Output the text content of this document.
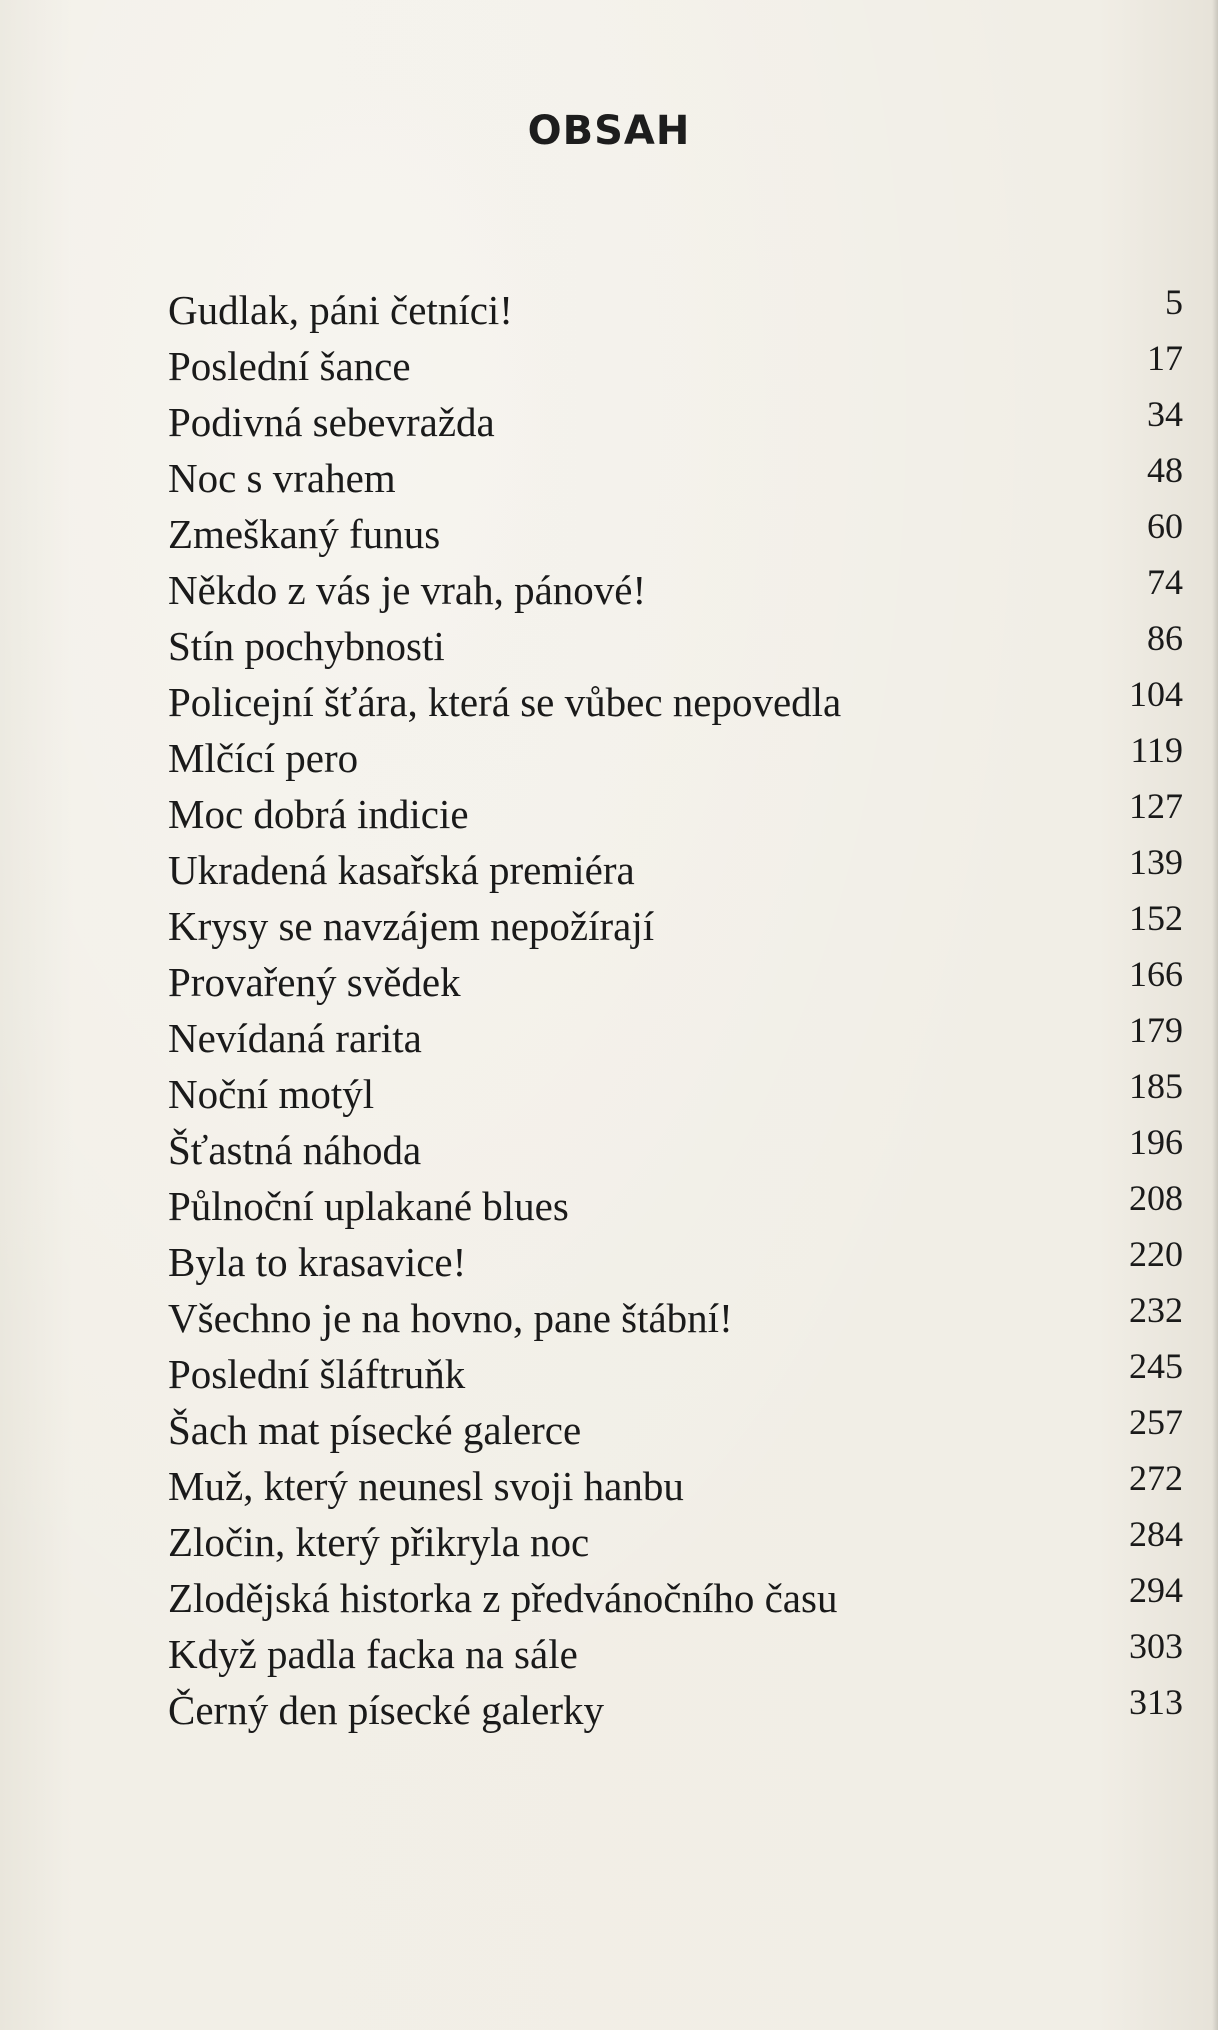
OBSAH
Gudlak, páni četníci!	5
Poslední šance	17
Podivná sebevražda	34
Noc s vrahem	48
Zmeškaný funus	60
Někdo z vás je vrah, pánové!	74
Stín pochybnosti	86
Policejní šťára, která se vůbec nepovedla	104
Mlčící pero	119
Moc dobrá indicie	127
Ukradená kasařská premiéra	139
Krysy se navzájem nepožírají	152
Provařený svědek	166
Nevídaná rarita	179
Noční motýl	185
Šťastná náhoda	196
Půlnoční uplakané blues	208
Byla to krasavice!	220
Všechno je na hovno, pane štábní!	232
Poslední šláftruňk	245
Šach mat písecké galerce	257
Muž, který neunesl svoji hanbu	272
Zločin, který přikryla noc	284
Zlodějská historka z předvánočního času	294
Když padla facka na sále	303
Černý den písecké galerky	313
